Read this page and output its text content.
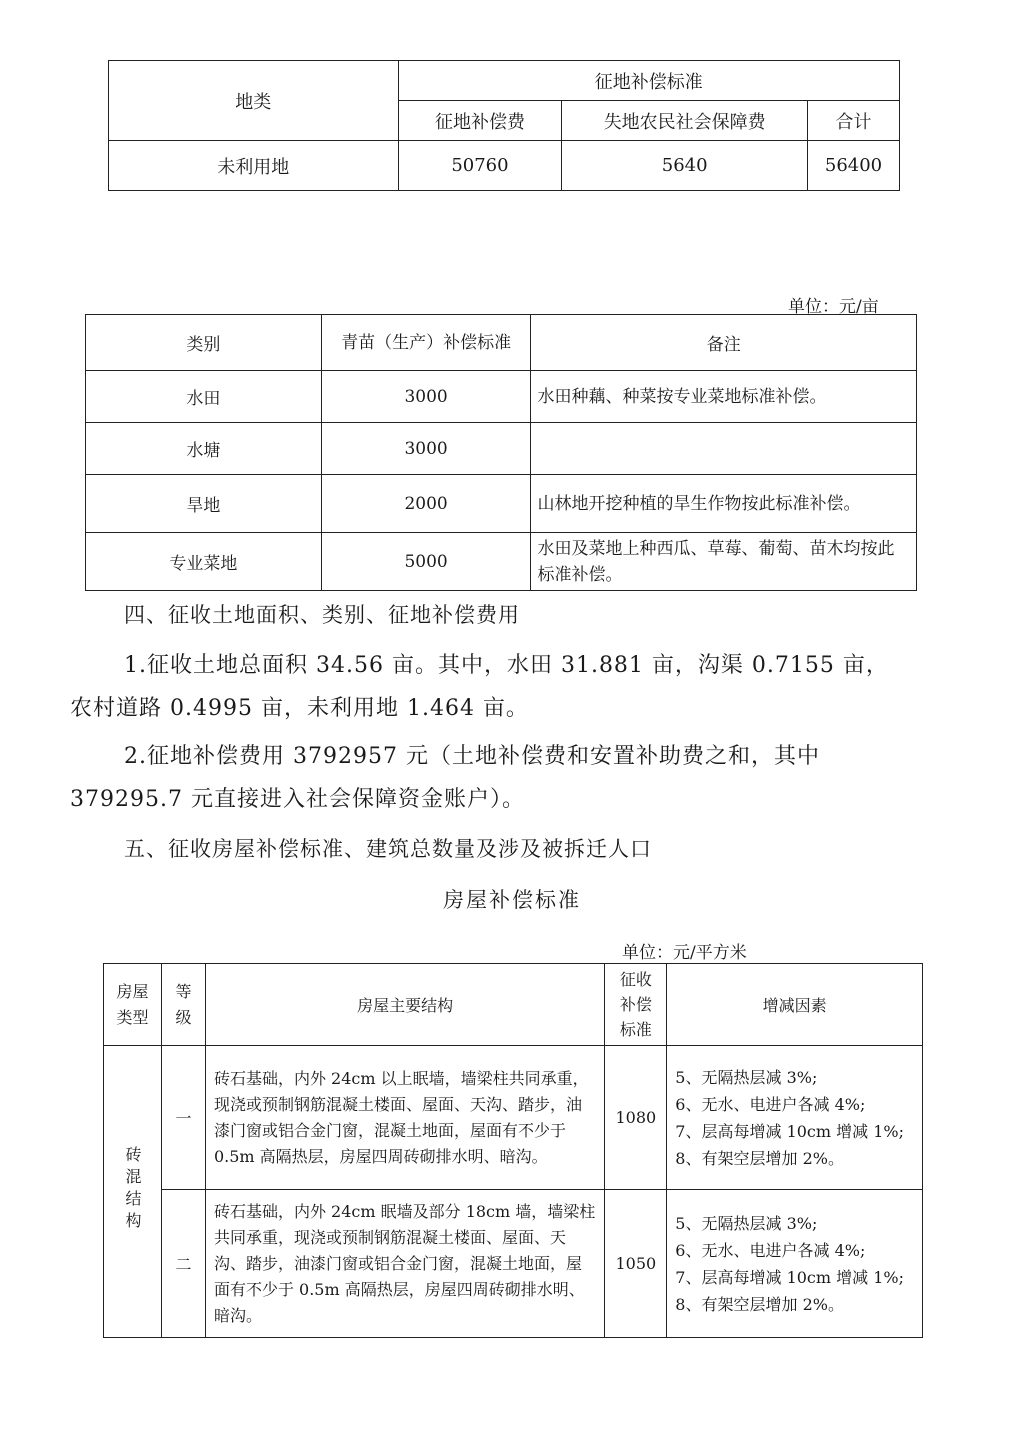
地类	征地补偿标准		
	征地补偿费	失地农民社会保障费	合计
未利用地	50760	5640	56400
单位：元/亩
类别	青苗（生产）补偿标准	备注
水田	3000	水田种藕、种菜按专业菜地标准补偿。
水塘	3000	
旱地	2000	山林地开挖种植的旱生作物按此标准补偿。
专业菜地	5000	水田及菜地上种西瓜、草莓、葡萄、苗木均按此标准补偿。
四、征收土地面积、类别、征地补偿费用
1.征收土地总面积 34.56 亩。其中，水田 31.881 亩，沟渠 0.7155 亩，
农村道路 0.4995 亩，未利用地 1.464 亩。
2.征地补偿费用 3792957 元（土地补偿费和安置补助费之和，其中
379295.7 元直接进入社会保障资金账户）。
五、征收房屋补偿标准、建筑总数量及涉及被拆迁人口
房屋补偿标准
单位：元/平方米
房屋类型	等级	房屋主要结构	征收补偿标准	增减因素
砖混结构	一	砖石基础，内外 24cm 以上眠墙，墙梁柱共同承重，现浇或预制钢筋混凝土楼面、屋面、天沟、踏步，油漆门窗或铝合金门窗，混凝土地面，屋面有不少于 0.5m 高隔热层，房屋四周砖砌排水明、暗沟。	1080	5、无隔热层减 3%;
6、无水、电进户各减 4%;
7、层高每增减 10cm 增减 1%;
8、有架空层增加 2%。

	二	砖石基础，内外 24cm 眠墙及部分 18cm 墙，墙梁柱共同承重，现浇或预制钢筋混凝土楼面、屋面、天沟、踏步，油漆门窗或铝合金门窗，混凝土地面，屋面有不少于 0.5m 高隔热层，房屋四周砖砌排水明、暗沟。	1050	5、无隔热层减 3%;
6、无水、电进户各减 4%;
7、层高每增减 10cm 增减 1%;
8、有架空层增加 2%。
